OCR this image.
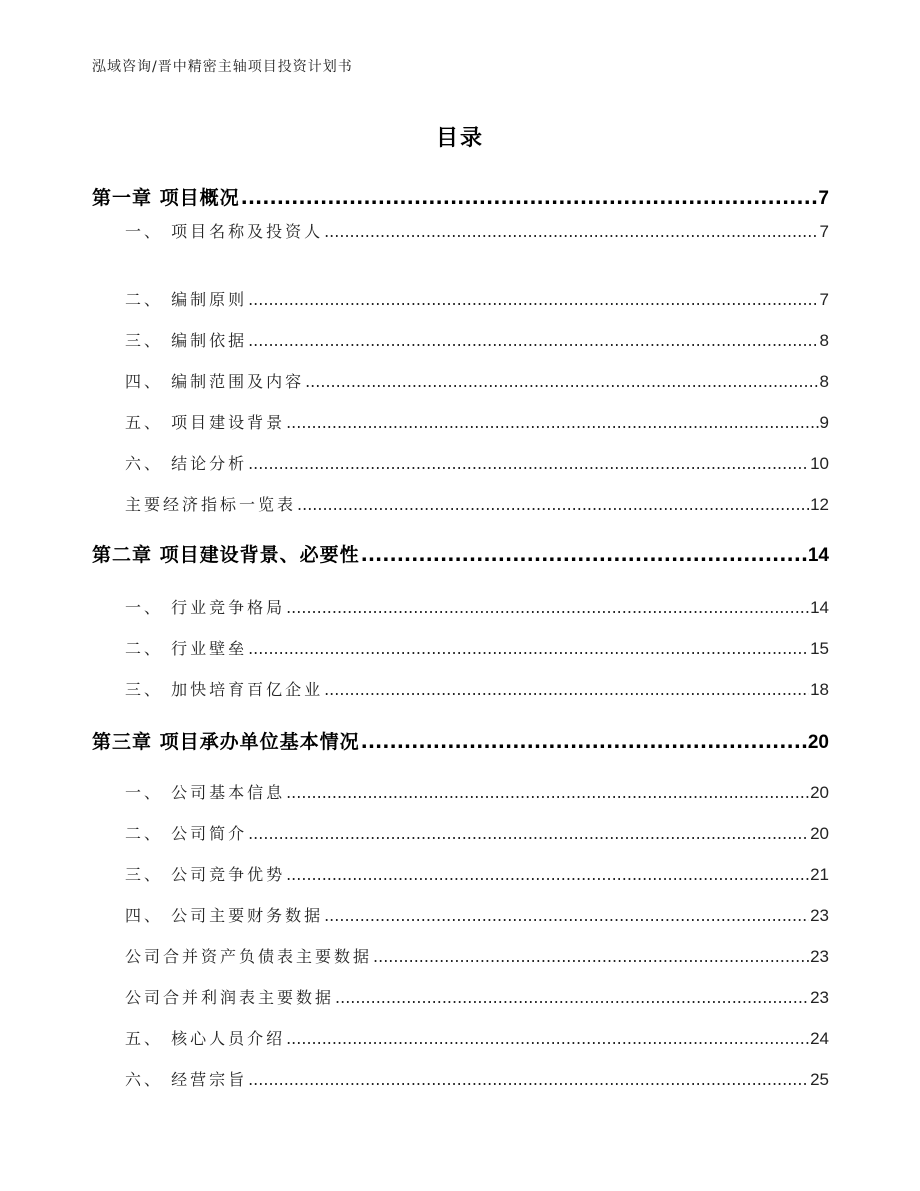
泓域咨询/晋中精密主轴项目投资计划书
目录
第一章 项目概况 .....	7
一、 项目名称及投资人 .....	7
二、 编制原则 .....	7
三、 编制依据 .....	8
四、 编制范围及内容 .....	8
五、 项目建设背景 .....	9
六、 结论分析 .....	10
主要经济指标一览表 .....	12
第二章 项目建设背景、必要性 .....	14
一、 行业竞争格局 .....	14
二、 行业壁垒 .....	15
三、 加快培育百亿企业 .....	18
第三章 项目承办单位基本情况 .....	20
一、 公司基本信息 .....	20
二、 公司简介 .....	20
三、 公司竞争优势 .....	21
四、 公司主要财务数据 .....	23
公司合并资产负债表主要数据 .....	23
公司合并利润表主要数据 .....	23
五、 核心人员介绍 .....	24
六、 经营宗旨 .....	25
